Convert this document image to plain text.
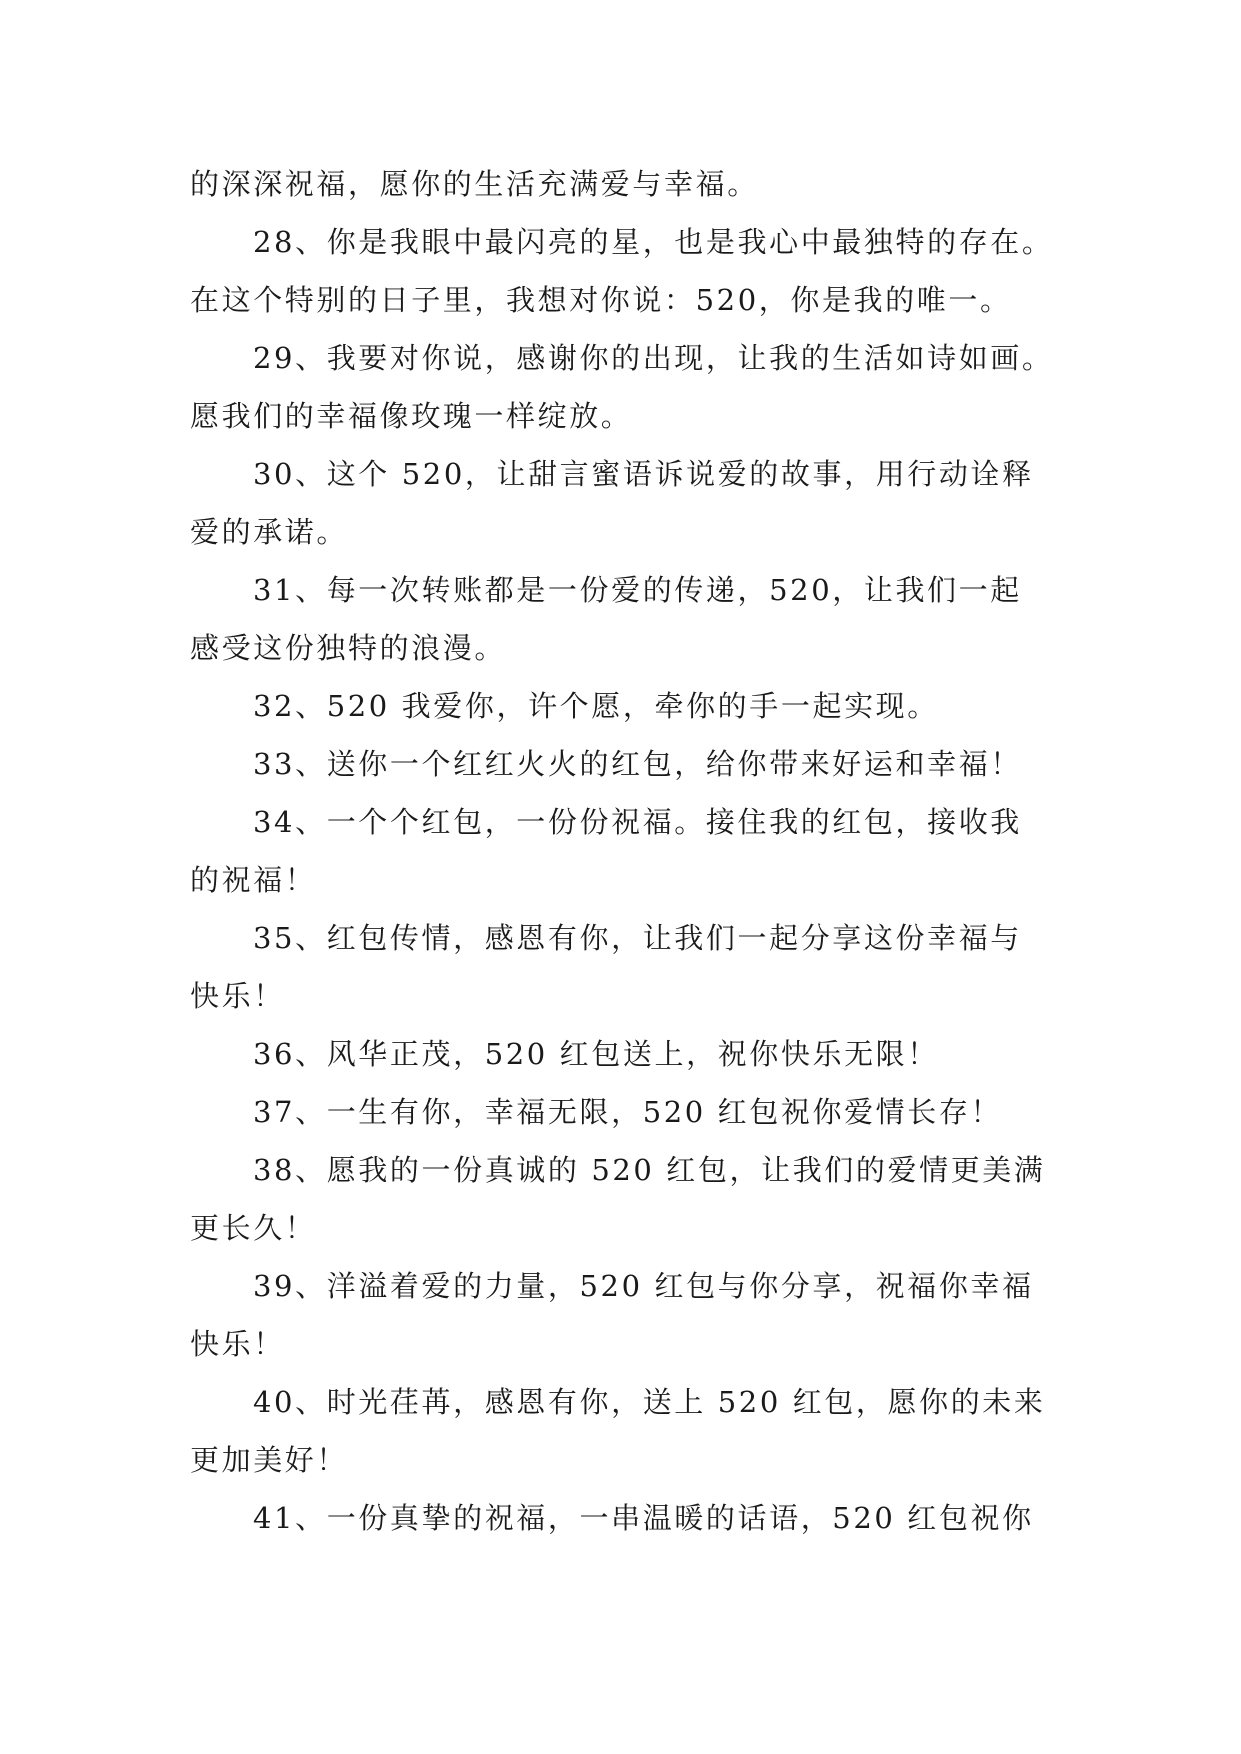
的深深祝福，愿你的生活充满爱与幸福。
28、你是我眼中最闪亮的星，也是我心中最独特的存在。
在这个特别的日子里，我想对你说：520，你是我的唯一。
29、我要对你说，感谢你的出现，让我的生活如诗如画。
愿我们的幸福像玫瑰一样绽放。
30、这个 520，让甜言蜜语诉说爱的故事，用行动诠释
爱的承诺。
31、每一次转账都是一份爱的传递，520，让我们一起
感受这份独特的浪漫。
32、520 我爱你，许个愿，牵你的手一起实现。
33、送你一个红红火火的红包，给你带来好运和幸福！
34、一个个红包，一份份祝福。接住我的红包，接收我
的祝福！
35、红包传情，感恩有你，让我们一起分享这份幸福与
快乐！
36、风华正茂，520 红包送上，祝你快乐无限！
37、一生有你，幸福无限，520 红包祝你爱情长存！
38、愿我的一份真诚的 520 红包，让我们的爱情更美满
更长久！
39、洋溢着爱的力量，520 红包与你分享，祝福你幸福
快乐！
40、时光荏苒，感恩有你，送上 520 红包，愿你的未来
更加美好！
41、一份真挚的祝福，一串温暖的话语，520 红包祝你
